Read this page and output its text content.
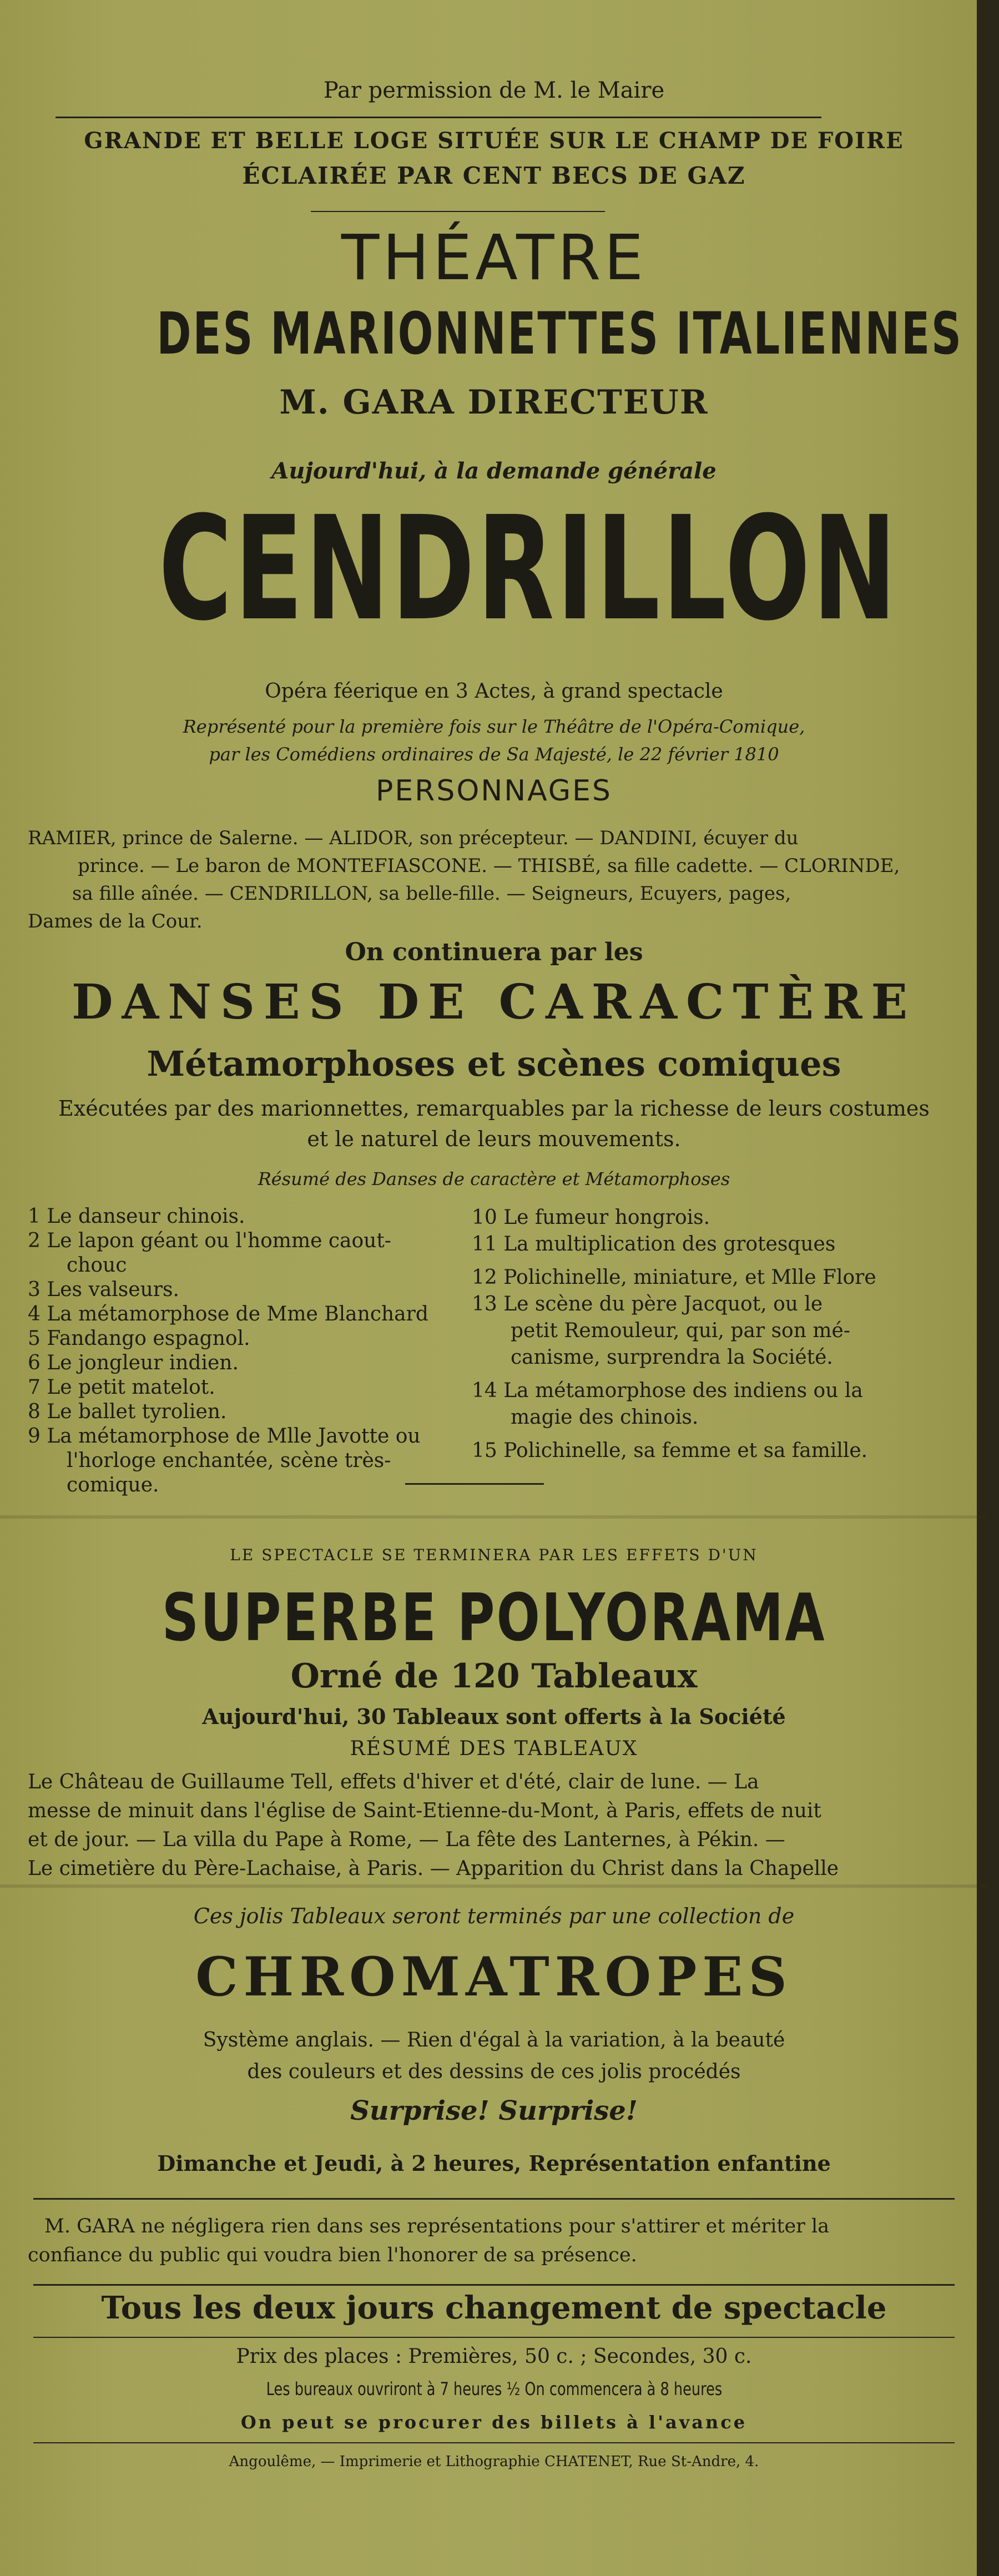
Par permission de M. le Maire
GRANDE ET BELLE LOGE SITUÉE SUR LE CHAMP DE FOIRE
ÉCLAIRÉE PAR CENT BECS DE GAZ
THÉATRE
DES MARIONNETTES ITALIENNES
M. GARA DIRECTEUR
Aujourd'hui, à la demande générale
CENDRILLON
Opéra féerique en 3 Actes, à grand spectacle
Représenté pour la première fois sur le Théâtre de l'Opéra-Comique,
par les Comédiens ordinaires de Sa Majesté, le 22 février 1810
PERSONNAGES
RAMIER, prince de Salerne. — ALIDOR, son précepteur. — DANDINI, écuyer du
prince. — Le baron de MONTEFIASCONE. — THISBÉ, sa fille cadette. — CLORINDE,
sa fille aînée. — CENDRILLON, sa belle-fille. — Seigneurs, Ecuyers, pages,
Dames de la Cour.
On continuera par les
DANSES DE CARACTÈRE
Métamorphoses et scènes comiques
Exécutées par des marionnettes, remarquables par la richesse de leurs costumes
et le naturel de leurs mouvements.
Résumé des Danses de caractère et Métamorphoses
1 Le danseur chinois.
2 Le lapon géant ou l'homme caout-
chouc
3 Les valseurs.
4 La métamorphose de Mme Blanchard
5 Fandango espagnol.
6 Le jongleur indien.
7 Le petit matelot.
8 Le ballet tyrolien.
9 La métamorphose de Mlle Javotte ou
l'horloge enchantée, scène très-
comique.
10 Le fumeur hongrois.
11 La multiplication des grotesques
12 Polichinelle, miniature, et Mlle Flore
13 Le scène du père Jacquot, ou le
petit Remouleur, qui, par son mé-
canisme, surprendra la Société.
14 La métamorphose des indiens ou la
magie des chinois.
15 Polichinelle, sa femme et sa famille.
LE SPECTACLE SE TERMINERA PAR LES EFFETS D'UN
SUPERBE POLYORAMA
Orné de 120 Tableaux
Aujourd'hui, 30 Tableaux sont offerts à la Société
RÉSUMÉ DES TABLEAUX
Le Château de Guillaume Tell, effets d'hiver et d'été, clair de lune. — La
messe de minuit dans l'église de Saint-Etienne-du-Mont, à Paris, effets de nuit
et de jour. — La villa du Pape à Rome, — La fête des Lanternes, à Pékin. —
Le cimetière du Père-Lachaise, à Paris. — Apparition du Christ dans la Chapelle
Ces jolis Tableaux seront terminés par une collection de
CHROMATROPES
Système anglais. — Rien d'égal à la variation, à la beauté
des couleurs et des dessins de ces jolis procédés
Surprise! Surprise!
Dimanche et Jeudi, à 2 heures, Représentation enfantine
M. GARA ne négligera rien dans ses représentations pour s'attirer et mériter la
confiance du public qui voudra bien l'honorer de sa présence.
Tous les deux jours changement de spectacle
Prix des places : Premières, 50 c. ; Secondes, 30 c.
Les bureaux ouvriront à 7 heures ½ On commencera à 8 heures
On peut se procurer des billets à l'avance
Angoulême, — Imprimerie et Lithographie CHATENET, Rue St-Andre, 4.
